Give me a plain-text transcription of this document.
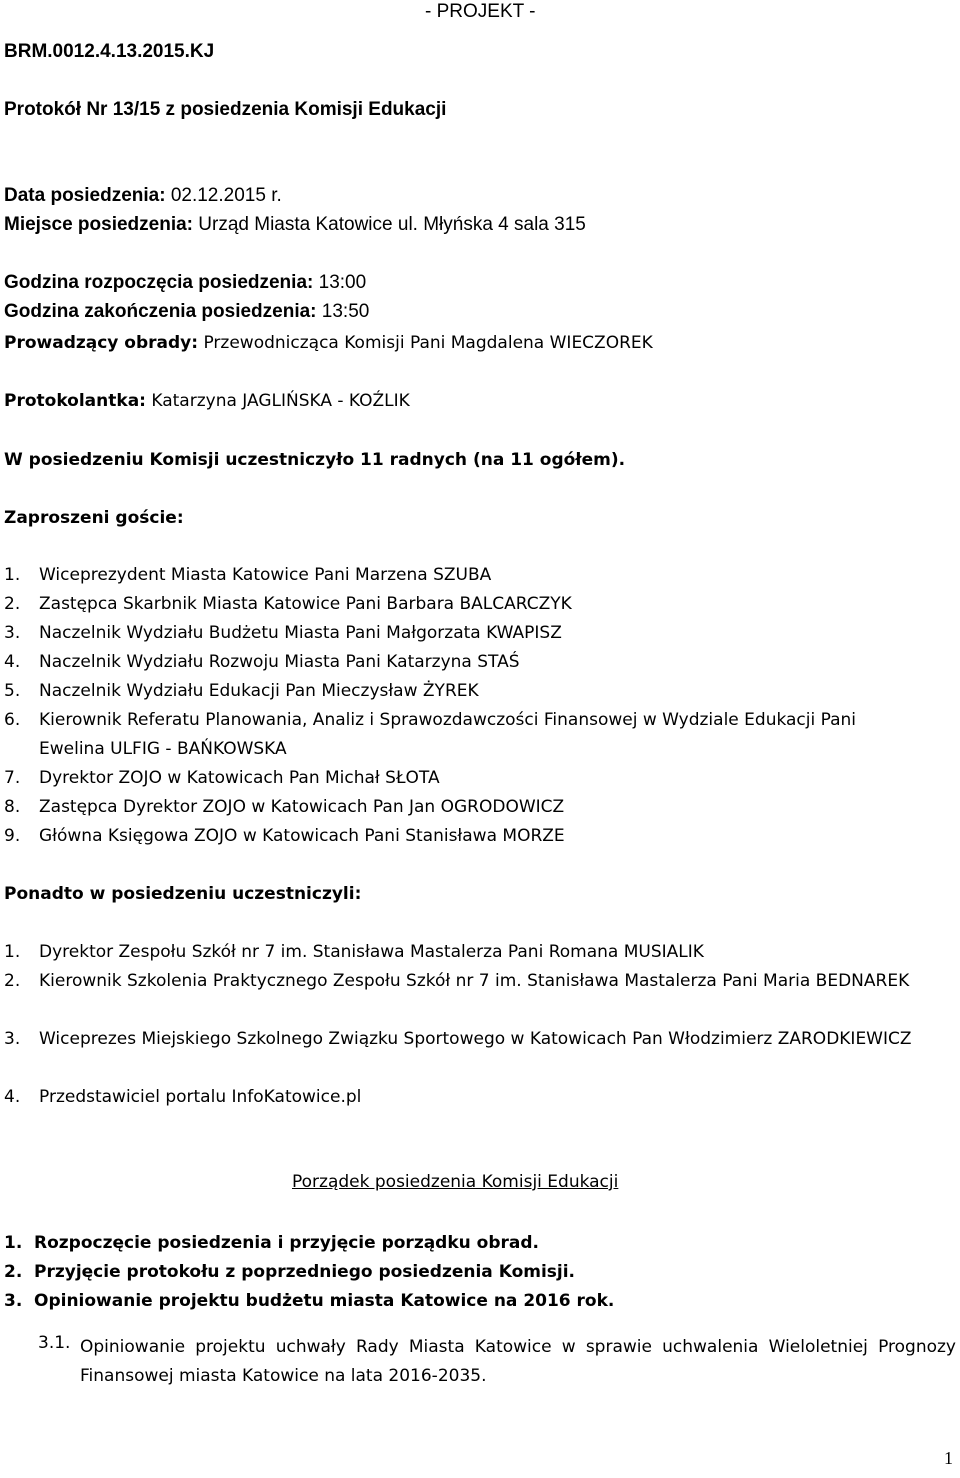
BRM.0012.4.13.2015.KJ
- PROJEKT -
Protokół Nr 13/15 z posiedzenia Komisji Edukacji
Data posiedzenia: 02.12.2015 r.
Miejsce posiedzenia: Urząd Miasta Katowice ul. Młyńska 4 sala 315
Godzina rozpoczęcia posiedzenia: 13:00
Godzina zakończenia posiedzenia: 13:50
Prowadzący obrady: Przewodnicząca Komisji Pani Magdalena WIECZOREK
Protokolantka: Katarzyna JAGLIŃSKA - KOŹLIK
W posiedzeniu Komisji uczestniczyło 11 radnych (na 11 ogółem).
Zaproszeni goście:
1. Wiceprezydent Miasta Katowice Pani Marzena SZUBA
2. Zastępca Skarbnik Miasta Katowice Pani Barbara BALCARCZYK
3. Naczelnik Wydziału Budżetu Miasta Pani Małgorzata KWAPISZ
4. Naczelnik Wydziału Rozwoju Miasta Pani Katarzyna STAŚ
5. Naczelnik Wydziału Edukacji Pan Mieczysław ŻYREK
6. Kierownik Referatu Planowania, Analiz i Sprawozdawczości Finansowej w Wydziale Edukacji Pani Ewelina ULFIG - BAŃKOWSKA
7. Dyrektor ZOJO w Katowicach Pan Michał SŁOTA
8. Zastępca Dyrektor ZOJO w Katowicach Pan Jan OGRODOWICZ
9. Główna Księgowa ZOJO w Katowicach Pani Stanisława MORZE
Ponadto w posiedzeniu uczestniczyli:
1. Dyrektor Zespołu Szkół nr 7 im. Stanisława Mastalerza Pani Romana MUSIALIK
2. Kierownik Szkolenia Praktycznego Zespołu Szkół nr 7 im. Stanisława Mastalerza Pani Maria BEDNAREK
3. Wiceprezes Miejskiego Szkolnego Związku Sportowego w Katowicach Pan Włodzimierz ZARODKIEWICZ
4. Przedstawiciel portalu InfoKatowice.pl
Porządek posiedzenia Komisji Edukacji
1. Rozpoczęcie posiedzenia i przyjęcie porządku obrad.
2. Przyjęcie protokołu z poprzedniego posiedzenia Komisji.
3. Opiniowanie projektu budżetu miasta Katowice na 2016 rok.
3.1. Opiniowanie projektu uchwały Rady Miasta Katowice w sprawie uchwalenia Wieloletniej Prognozy Finansowej miasta Katowice na lata 2016-2035.
1
